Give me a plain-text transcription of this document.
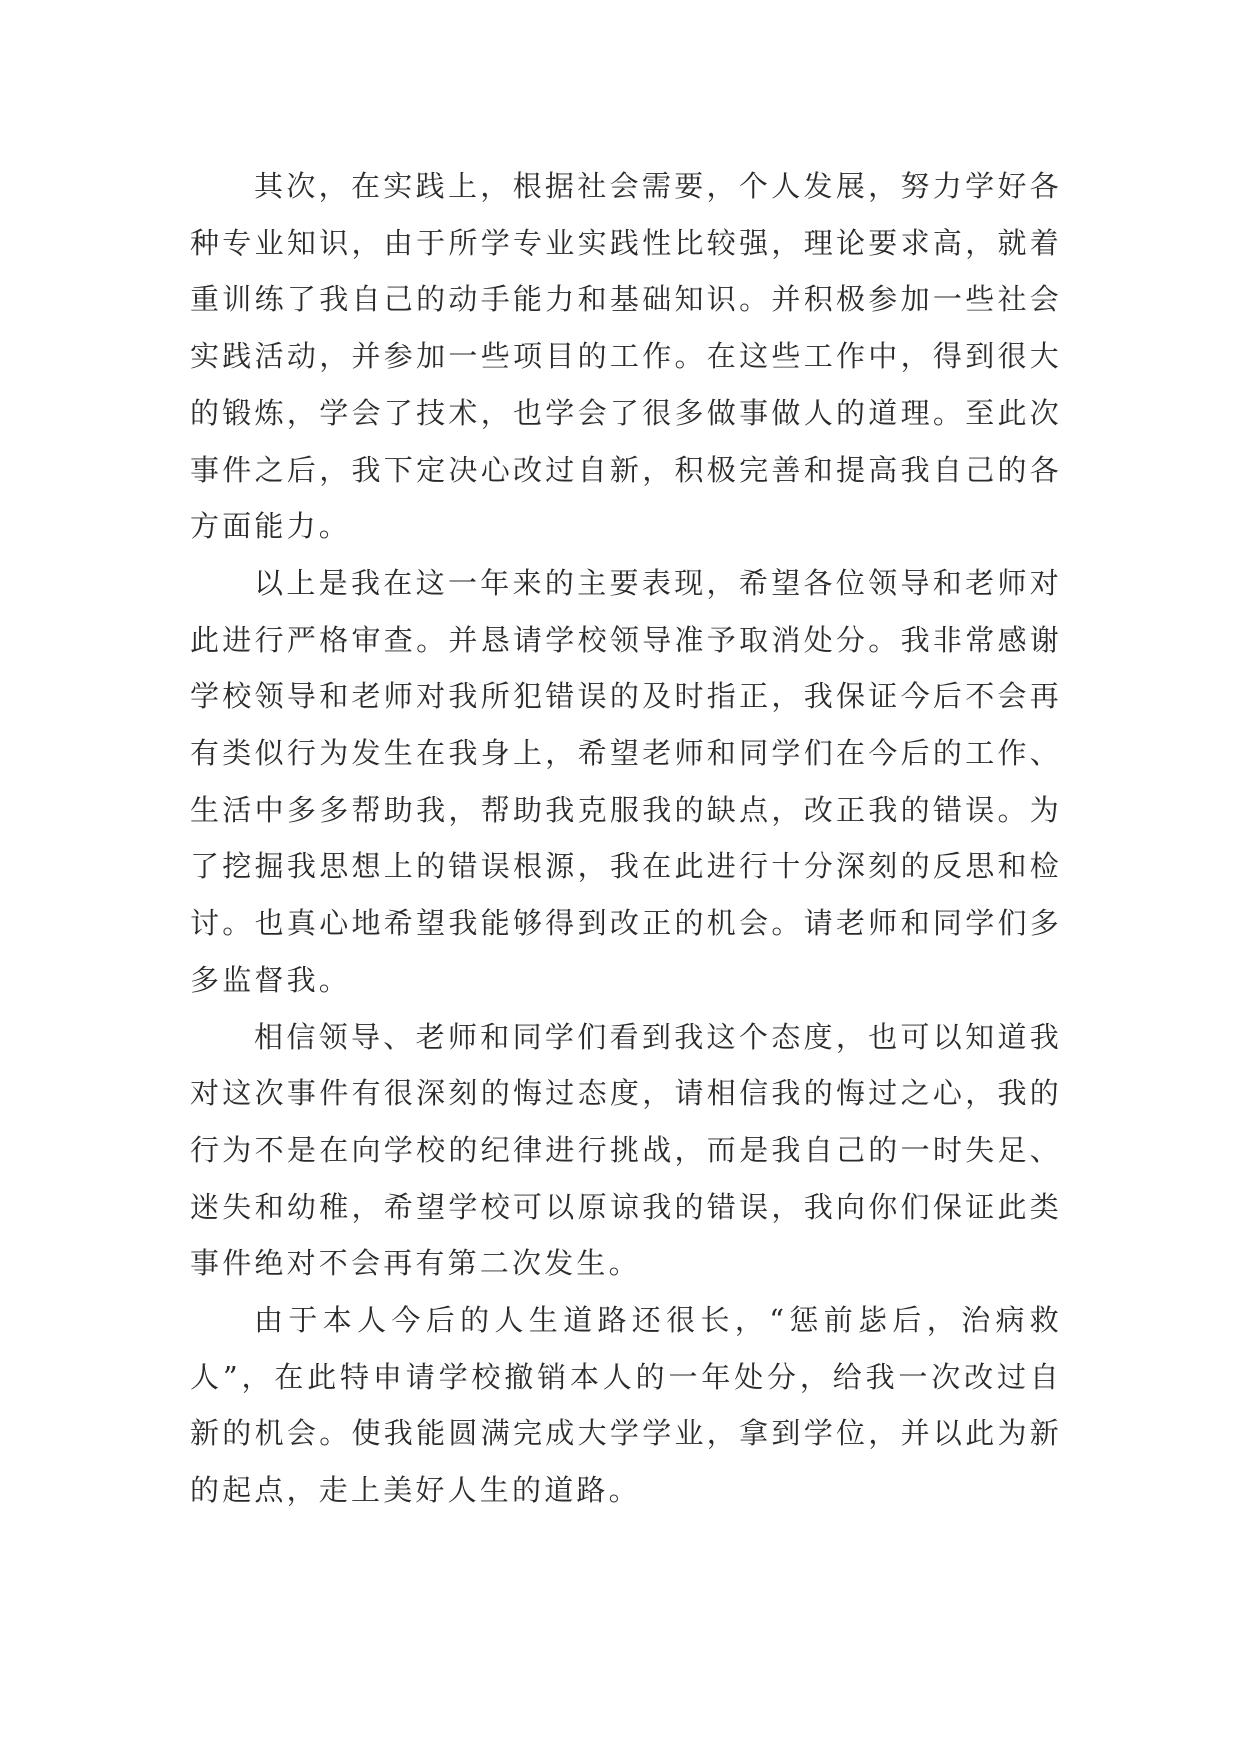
其次，在实践上，根据社会需要，个人发展，努力学好各种专业知识，由于所学专业实践性比较强，理论要求高，就着重训练了我自己的动手能力和基础知识。并积极参加一些社会实践活动，并参加一些项目的工作。在这些工作中，得到很大的锻炼，学会了技术，也学会了很多做事做人的道理。至此次事件之后，我下定决心改过自新，积极完善和提高我自己的各方面能力。

以上是我在这一年来的主要表现，希望各位领导和老师对此进行严格审查。并恳请学校领导准予取消处分。我非常感谢学校领导和老师对我所犯错误的及时指正，我保证今后不会再有类似行为发生在我身上，希望老师和同学们在今后的工作、生活中多多帮助我，帮助我克服我的缺点，改正我的错误。为了挖掘我思想上的错误根源，我在此进行十分深刻的反思和检讨。也真心地希望我能够得到改正的机会。请老师和同学们多多监督我。

相信领导、老师和同学们看到我这个态度，也可以知道我对这次事件有很深刻的悔过态度，请相信我的悔过之心，我的行为不是在向学校的纪律进行挑战，而是我自己的一时失足、迷失和幼稚，希望学校可以原谅我的错误，我向你们保证此类事件绝对不会再有第二次发生。

由于本人今后的人生道路还很长，“惩前毖后，治病救人”，在此特申请学校撤销本人的一年处分，给我一次改过自新的机会。使我能圆满完成大学学业，拿到学位，并以此为新的起点，走上美好人生的道路。
